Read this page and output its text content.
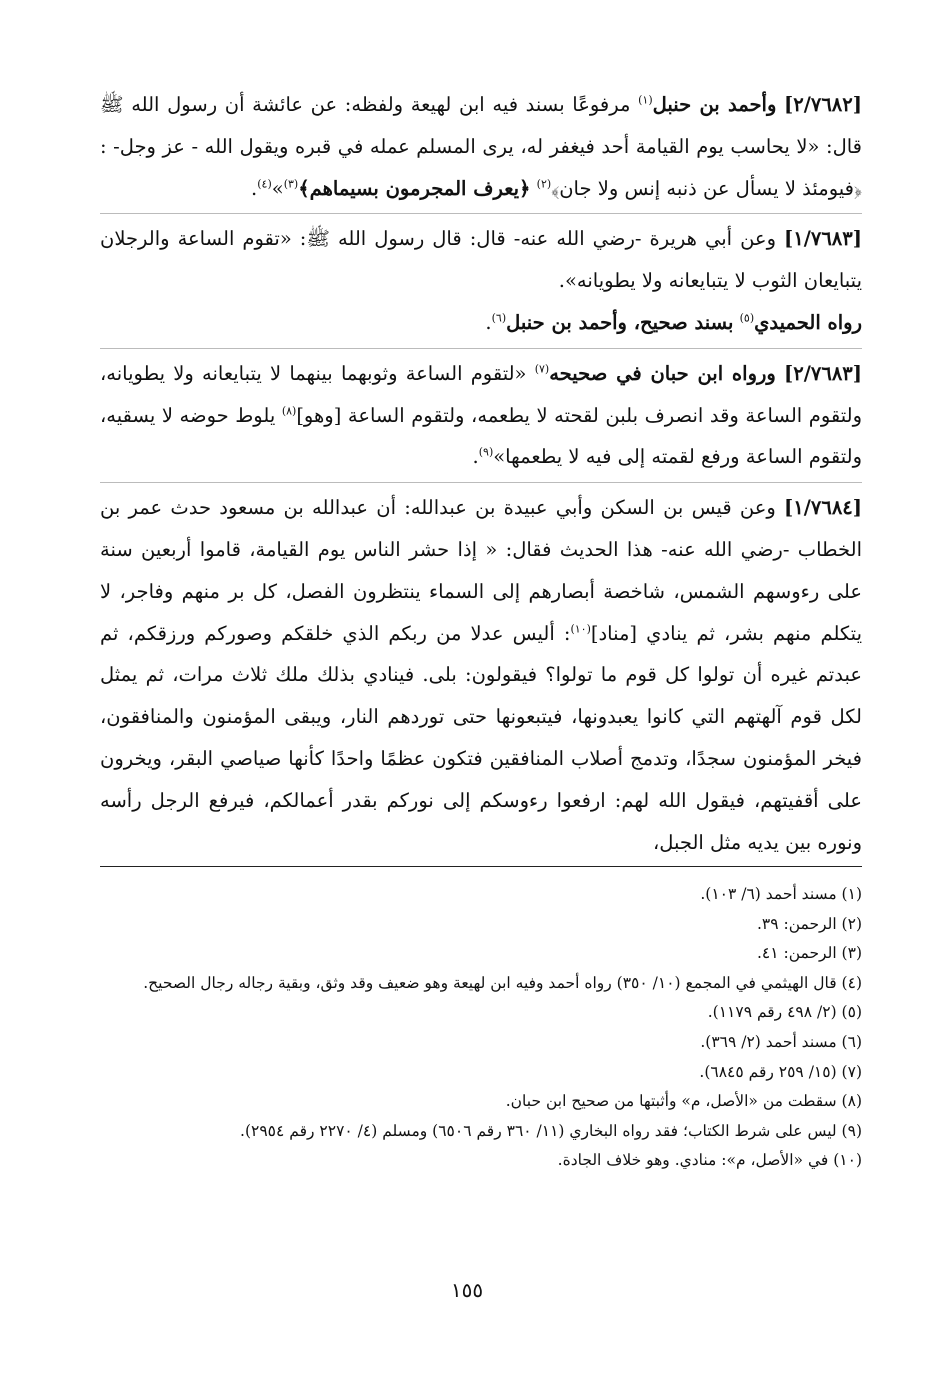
[٢/٧٦٨٢] وأحمد بن حنبل$^{(١)}$ مرفوعًا بسند فيه ابن لهيعة ولفظه: عن عائشة أن رسول الله ﷺ قال: «لا يحاسب يوم القيامة أحد فيغفر له، يرى المسلم عمله في قبره ويقول الله - عز وجل- : ﴿فيومئذ لا يسأل عن ذنبه إنس ولا جان﴾$^{(٢)}$ ﴿يعرف المجرمون بسيماهم﴾$^{(٣)}$»$^{(٤)}$.

[١/٧٦٨٣] وعن أبي هريرة -رضي الله عنه- قال: قال رسول الله ﷺ: «تقوم الساعة والرجلان يتبايعان الثوب لا يتبايعانه ولا يطويانه».

رواه الحميدي$^{(٥)}$ بسند صحيح، وأحمد بن حنبل$^{(٦)}$.

[٢/٧٦٨٣] ورواه ابن حبان في صحيحه$^{(٧)}$ «لتقوم الساعة وثوبهما بينهما لا يتبايعانه ولا يطويانه، ولتقوم الساعة وقد انصرف بلبن لقحته لا يطعمه، ولتقوم الساعة [وهو]$^{(٨)}$ يلوط حوضه لا يسقيه، ولتقوم الساعة ورفع لقمته إلى فيه لا يطعمها»$^{(٩)}$.

[١/٧٦٨٤] وعن قيس بن السكن وأبي عبيدة بن عبدالله: أن عبدالله بن مسعود حدث عمر بن الخطاب -رضي الله عنه- هذا الحديث فقال: « إذا حشر الناس يوم القيامة، قاموا أربعين سنة على رءوسهم الشمس، شاخصة أبصارهم إلى السماء ينتظرون الفصل، كل بر منهم وفاجر، لا يتكلم منهم بشر، ثم ينادي [مناد]$^{(١٠)}$: أليس عدلا من ربكم الذي خلقكم وصوركم ورزقكم، ثم عبدتم غيره أن تولوا كل قوم ما تولوا؟ فيقولون: بلى. فينادي بذلك ملك ثلاث مرات، ثم يمثل لكل قوم آلهتهم التي كانوا يعبدونها، فيتبعونها حتى توردهم النار، ويبقى المؤمنون والمنافقون، فيخر المؤمنون سجدًا، وتدمج أصلاب المنافقين فتكون عظمًا واحدًا كأنها صياصي البقر، ويخرون على أقفيتهم، فيقول الله لهم: ارفعوا رءوسكم إلى نوركم بقدر أعمالكم، فيرفع الرجل رأسه ونوره بين يديه مثل الجبل،

(١) مسند أحمد (٦/ ١٠٣).
(٢) الرحمن: ٣٩.
(٣) الرحمن: ٤١.
(٤) قال الهيثمي في المجمع (١٠/ ٣٥٠) رواه أحمد وفيه ابن لهيعة وهو ضعيف وقد وثق، وبقية رجاله رجال الصحيح.
(٥) (٢/ ٤٩٨ رقم ١١٧٩).
(٦) مسند أحمد (٢/ ٣٦٩).
(٧) (١٥/ ٢٥٩ رقم ٦٨٤٥).
(٨) سقطت من «الأصل، م» وأثبتها من صحيح ابن حبان.
(٩) ليس على شرط الكتاب؛ فقد رواه البخاري (١١/ ٣٦٠ رقم ٦٥٠٦) ومسلم (٤/ ٢٢٧٠ رقم ٢٩٥٤).
(١٠) في «الأصل، م»: منادي. وهو خلاف الجادة.
١٥٥
